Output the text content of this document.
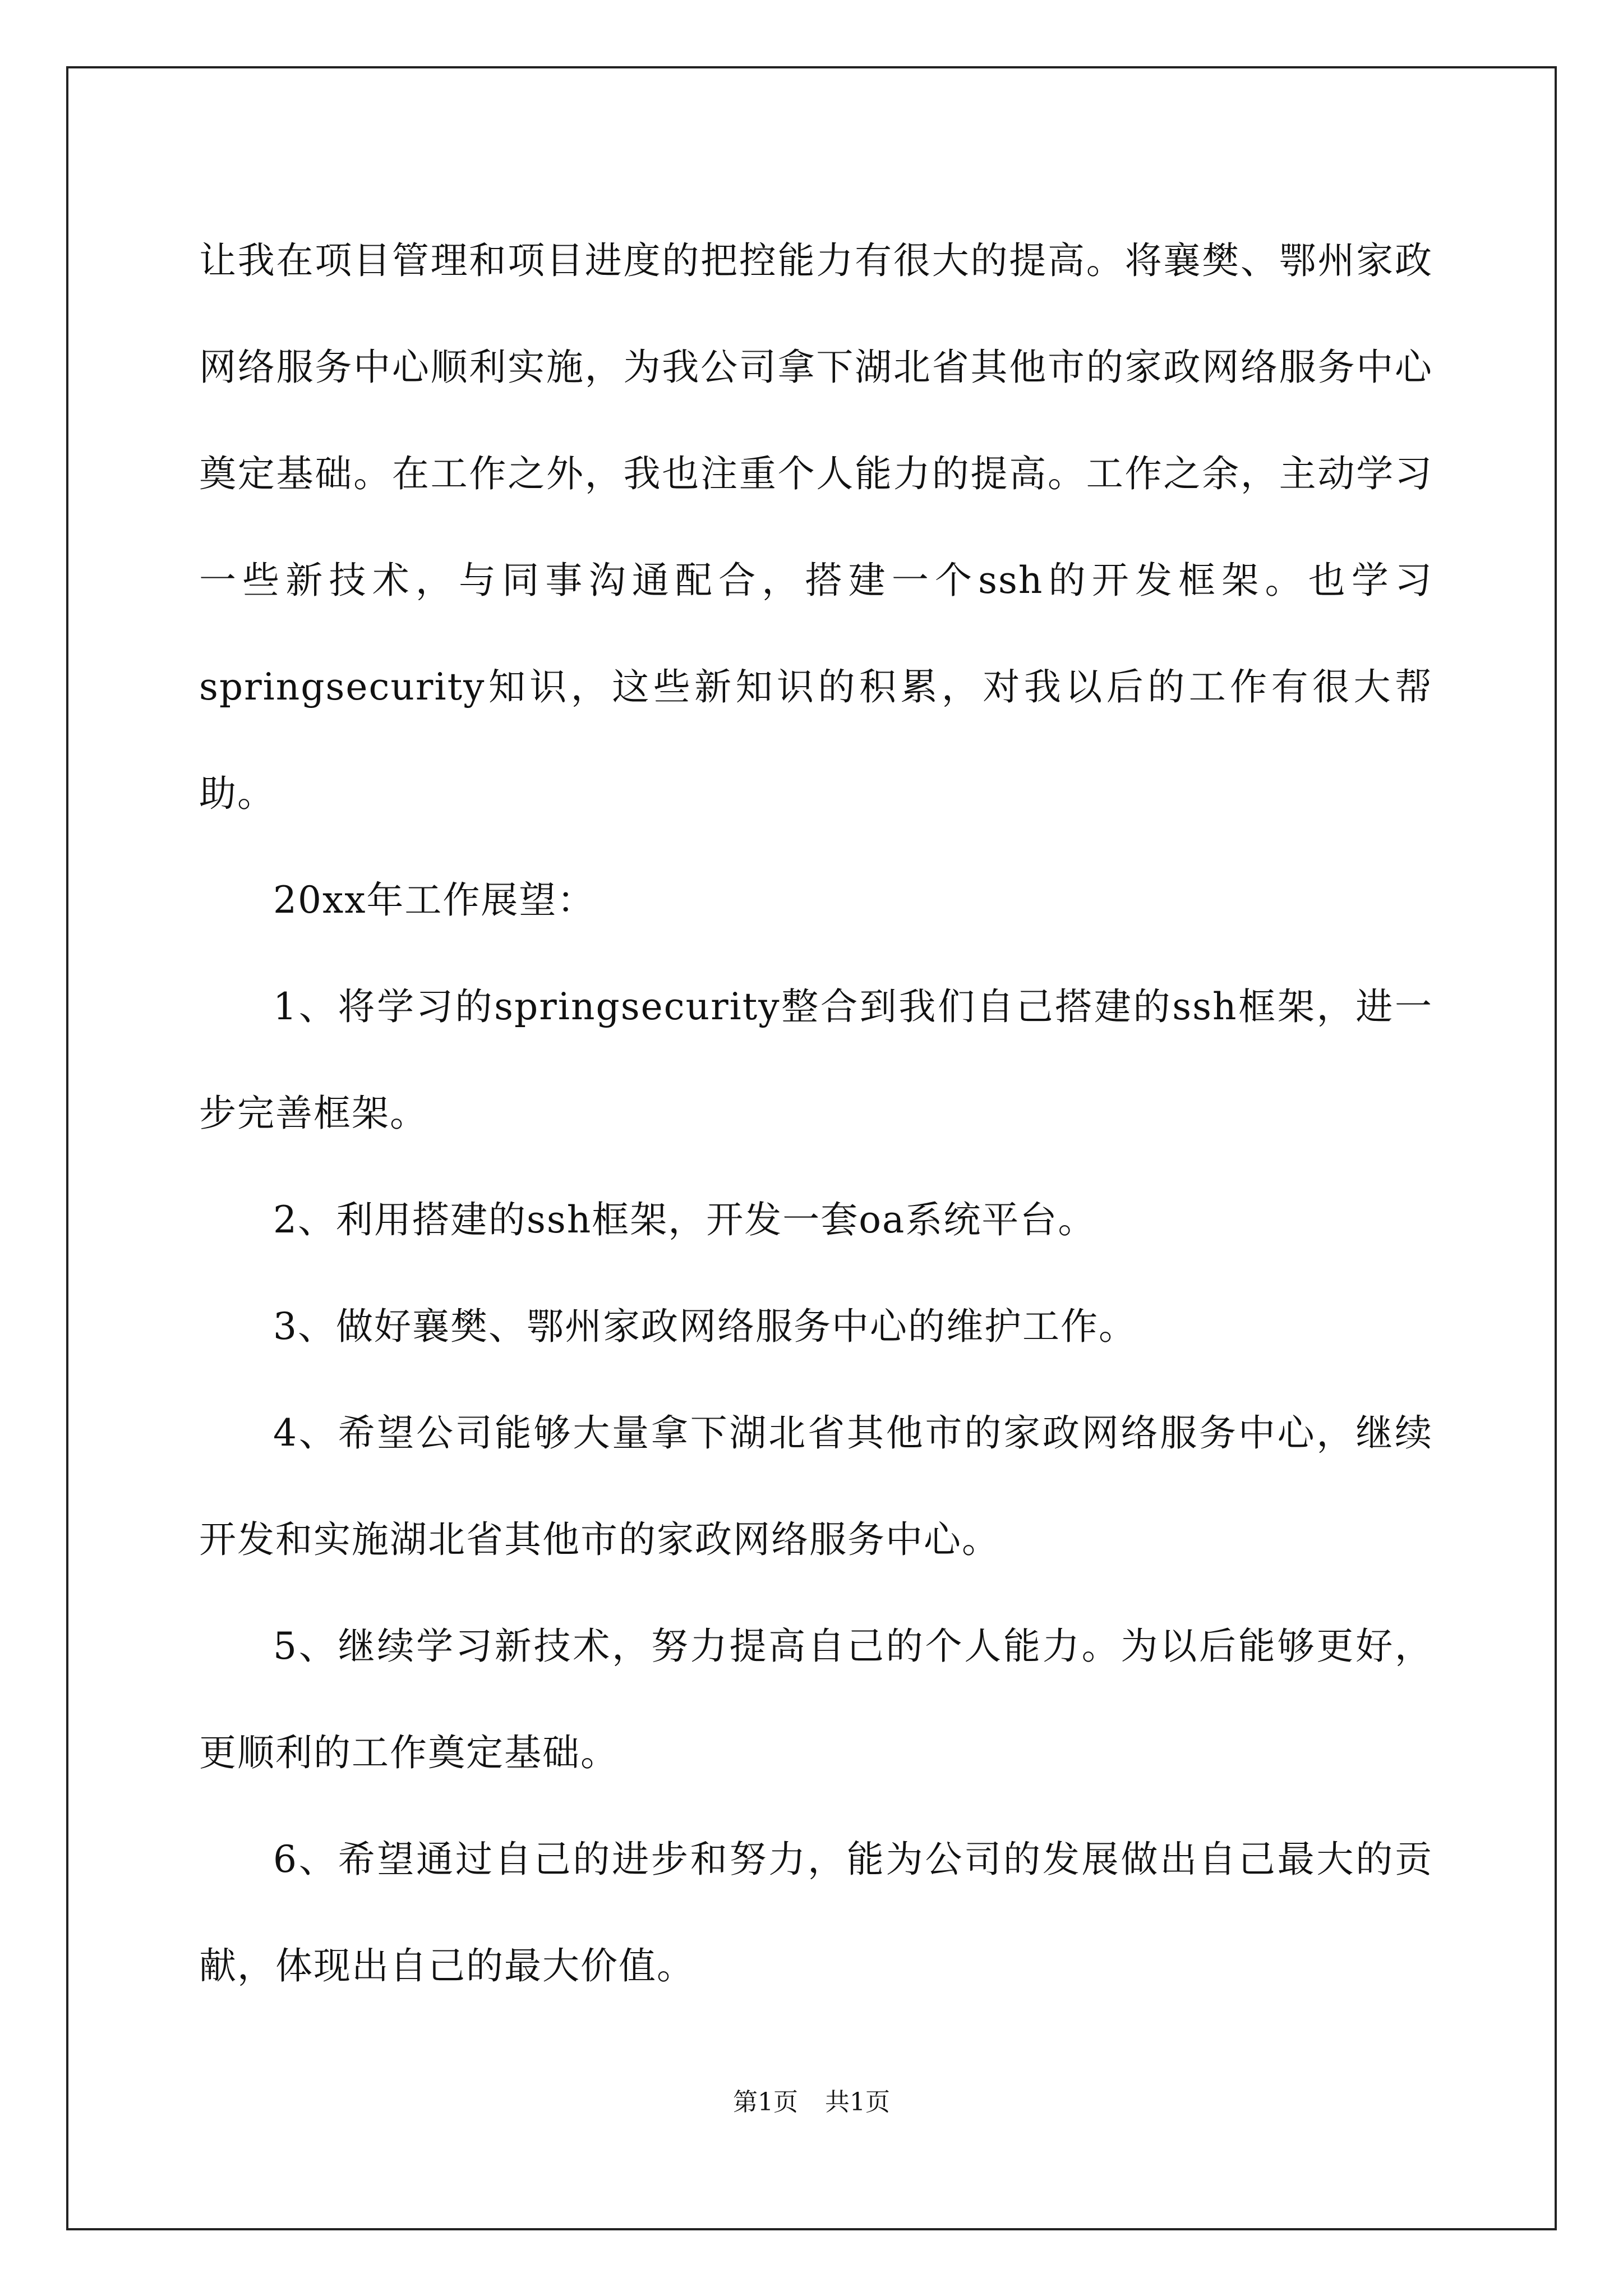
让我在项目管理和项目进度的把控能力有很大的提高。将襄樊、鄂州家政网络服务中心顺利实施，为我公司拿下湖北省其他市的家政网络服务中心奠定基础。在工作之外，我也注重个人能力的提高。工作之余，主动学习一些新技术，与同事沟通配合，搭建一个ssh的开发框架。也学习springsecurity知识，这些新知识的积累，对我以后的工作有很大帮助。

20xx年工作展望：

1、将学习的springsecurity整合到我们自己搭建的ssh框架，进一步完善框架。

2、利用搭建的ssh框架，开发一套oa系统平台。

3、做好襄樊、鄂州家政网络服务中心的维护工作。

4、希望公司能够大量拿下湖北省其他市的家政网络服务中心，继续开发和实施湖北省其他市的家政网络服务中心。

5、继续学习新技术，努力提高自己的个人能力。为以后能够更好，更顺利的工作奠定基础。

6、希望通过自己的进步和努力，能为公司的发展做出自己最大的贡献，体现出自己的最大价值。

第1页 共1页
